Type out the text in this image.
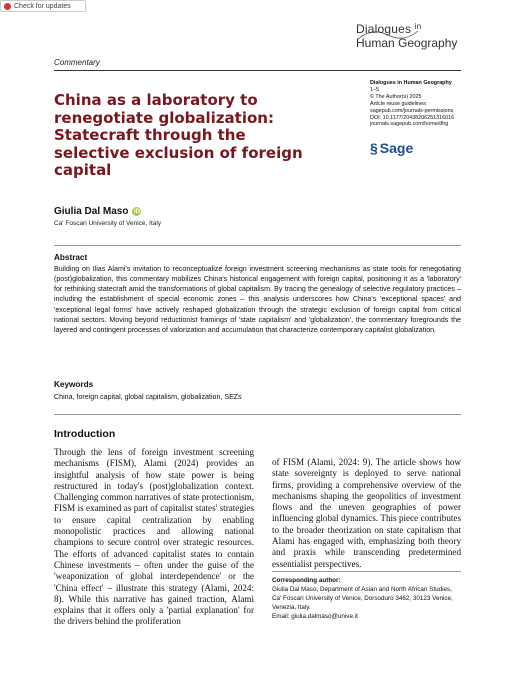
Check for updates
Dialogues $^{in}$
Human Geography
Commentary
China as a laboratory to renegotiate globalization: Statecraft through the selective exclusion of foreign capital
Dialogues in Human Geography
1–5
© The Author(s) 2025
Article reuse guidelines:
sagepub.com/journals-permissions
DOI: 10.1177/20438206251316016
journals.sagepub.com/home/dhg
§ Sage
Giulia Dal Maso iD
Ca' Foscari University of Venice, Italy
Abstract
Building on Ilias Alami's invitation to reconceptualize foreign investment screening mechanisms as state tools for renegotiating (post)globalization, this commentary mobilizes China's historical engagement with foreign capital, positioning it as a 'laboratory' for rethinking statecraft amid the transformations of global capitalism. By tracing the genealogy of selective regulatory practices – including the establishment of special economic zones – this analysis underscores how China's 'exceptional spaces' and 'exceptional legal forms' have actively reshaped globalization through the strategic exclusion of foreign capital from critical national sectors. Moving beyond reductionist framings of 'state capitalism' and 'globalization', the commentary foregrounds the layered and contingent processes of valorization and accumulation that characterize contemporary capitalist globalization.
Keywords
China, foreign capital, global capitalism, globalization, SEZs
Introduction
Through the lens of foreign investment screening mechanisms (FISM), Alami (2024) provides an insightful analysis of how state power is being restructured in today's (post)globalization context. Challenging common narratives of state protectionism, FISM is examined as part of capitalist states' strategies to ensure capital centralization by enabling monopolistic practices and allowing national champions to secure control over strategic resources. The efforts of advanced capitalist states to contain Chinese investments – often under the guise of the 'weaponization of global interdependence' or the 'China effect' – illustrate this strategy (Alami, 2024: 8). While this narrative has gained traction, Alami explains that it offers only a 'partial explanation' for the drivers behind the proliferation
of FISM (Alami, 2024: 9). The article shows how state sovereignty is deployed to serve national firms, providing a comprehensive overview of the mechanisms shaping the geopolitics of investment flows and the uneven geographies of power influencing global dynamics. This piece contributes to the broader theorization on state capitalism that Alami has engaged with, emphasizing both theory and praxis while transcending predetermined essentialist perspectives.
Corresponding author:
Giulia Dal Maso, Department of Asian and North African Studies, Ca' Foscari University of Venice, Dorsoduro 3462, 30123 Venice, Venezia, Italy.
Email: giulia.dalmaso@unive.it
